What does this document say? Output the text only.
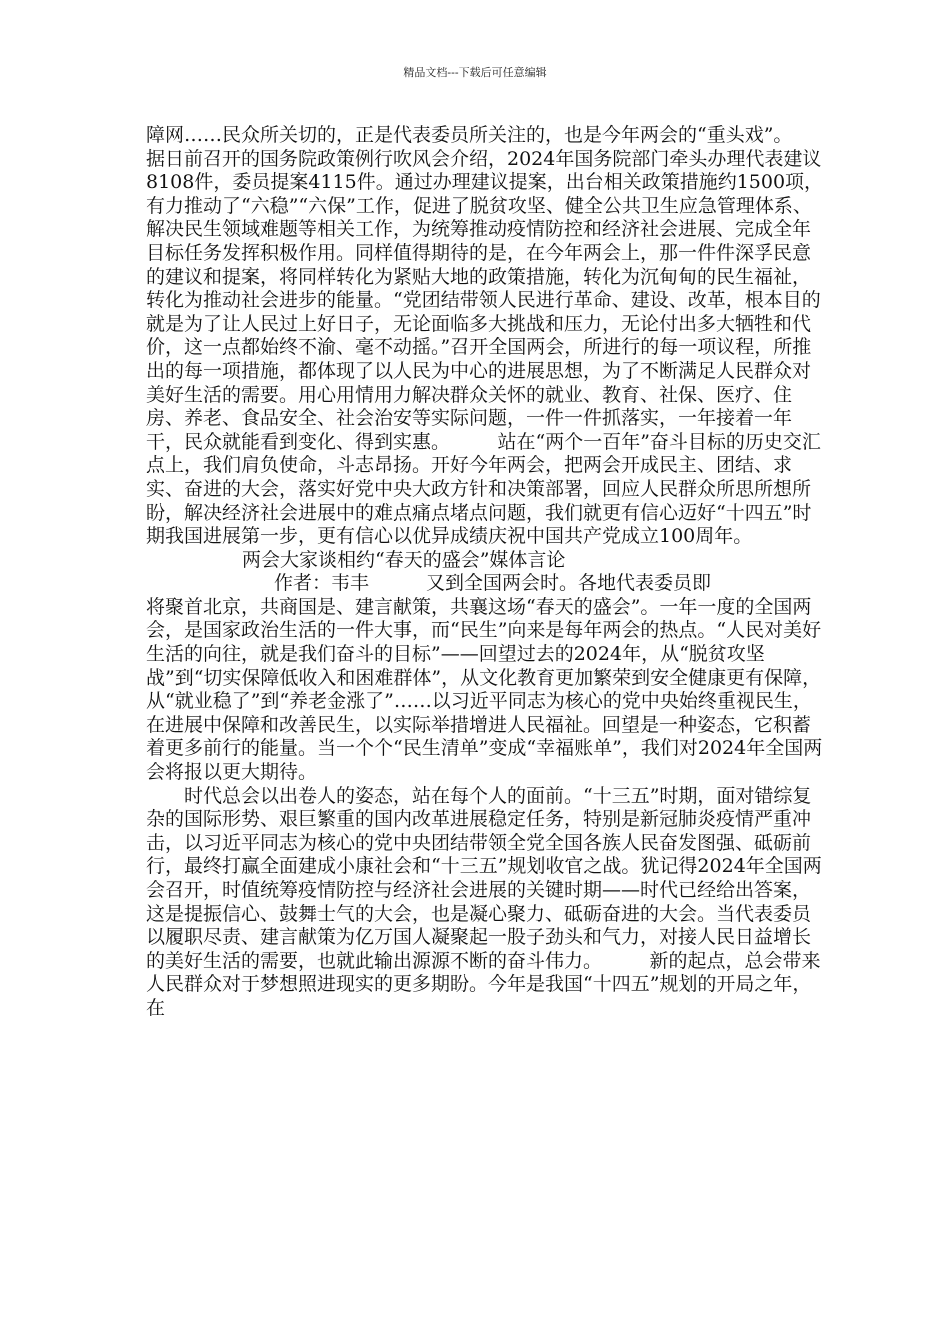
精品文档---下载后可任意编辑

障网……民众所关切的，正是代表委员所关注的，也是今年两会的“重头戏”。　　　据日前召开的国务院政策例行吹风会介绍，2024年国务院部门牵头办理代表建议8108件，委员提案4115件。通过办理建议提案，出台相关政策措施约1500项，有力推动了“六稳”“六保”工作，促进了脱贫攻坚、健全公共卫生应急管理体系、解决民生领域难题等相关工作，为统筹推动疫情防控和经济社会进展、完成全年目标任务发挥积极作用。同样值得期待的是，在今年两会上，那一件件深孚民意的建议和提案，将同样转化为紧贴大地的政策措施，转化为沉甸甸的民生福祉，转化为推动社会进步的能量。“党团结带领人民进行革命、建设、改革，根本目的就是为了让人民过上好日子，无论面临多大挑战和压力，无论付出多大牺牲和代价，这一点都始终不渝、毫不动摇。”召开全国两会，所进行的每一项议程，所推出的每一项措施，都体现了以人民为中心的进展思想，为了不断满足人民群众对美好生活的需要。用心用情用力解决群众关怀的就业、教育、社保、医疗、住房、养老、食品安全、社会治安等实际问题，一件一件抓落实，一年接着一年干，民众就能看到变化、得到实惠。　　　站在“两个一百年”奋斗目标的历史交汇点上，我们肩负使命，斗志昂扬。开好今年两会，把两会开成民主、团结、求实、奋进的大会，落实好党中央大政方针和决策部署，回应人民群众所思所想所盼，解决经济社会进展中的难点痛点堵点问题，我们就更有信心迈好“十四五”时期我国进展第一步，更有信心以优异成绩庆祝中国共产党成立100周年。

两会大家谈相约“春天的盛会”媒体言论

作者：韦丰　　　又到全国两会时。各地代表委员即

将聚首北京，共商国是、建言献策，共襄这场“春天的盛会”。一年一度的全国两会，是国家政治生活的一件大事，而“民生”向来是每年两会的热点。“人民对美好生活的向往，就是我们奋斗的目标”——回望过去的2024年，从“脱贫攻坚战”到“切实保障低收入和困难群体”，从文化教育更加繁荣到安全健康更有保障，从“就业稳了”到“养老金涨了”……以习近平同志为核心的党中央始终重视民生，在进展中保障和改善民生，以实际举措增进人民福祉。回望是一种姿态，它积蓄着更多前行的能量。当一个个“民生清单”变成“幸福账单”，我们对2024年全国两会将报以更大期待。

时代总会以出卷人的姿态，站在每个人的面前。“十三五”时期，面对错综复杂的国际形势、艰巨繁重的国内改革进展稳定任务，特别是新冠肺炎疫情严重冲击，以习近平同志为核心的党中央团结带领全党全国各族人民奋发图强、砥砺前行，最终打赢全面建成小康社会和“十三五”规划收官之战。犹记得2024年全国两会召开，时值统筹疫情防控与经济社会进展的关键时期——时代已经给出答案，这是提振信心、鼓舞士气的大会，也是凝心聚力、砥砺奋进的大会。当代表委员以履职尽责、建言献策为亿万国人凝聚起一股子劲头和气力，对接人民日益增长的美好生活的需要，也就此输出源源不断的奋斗伟力。　　　新的起点，总会带来人民群众对于梦想照进现实的更多期盼。今年是我国“十四五”规划的开局之年，在
